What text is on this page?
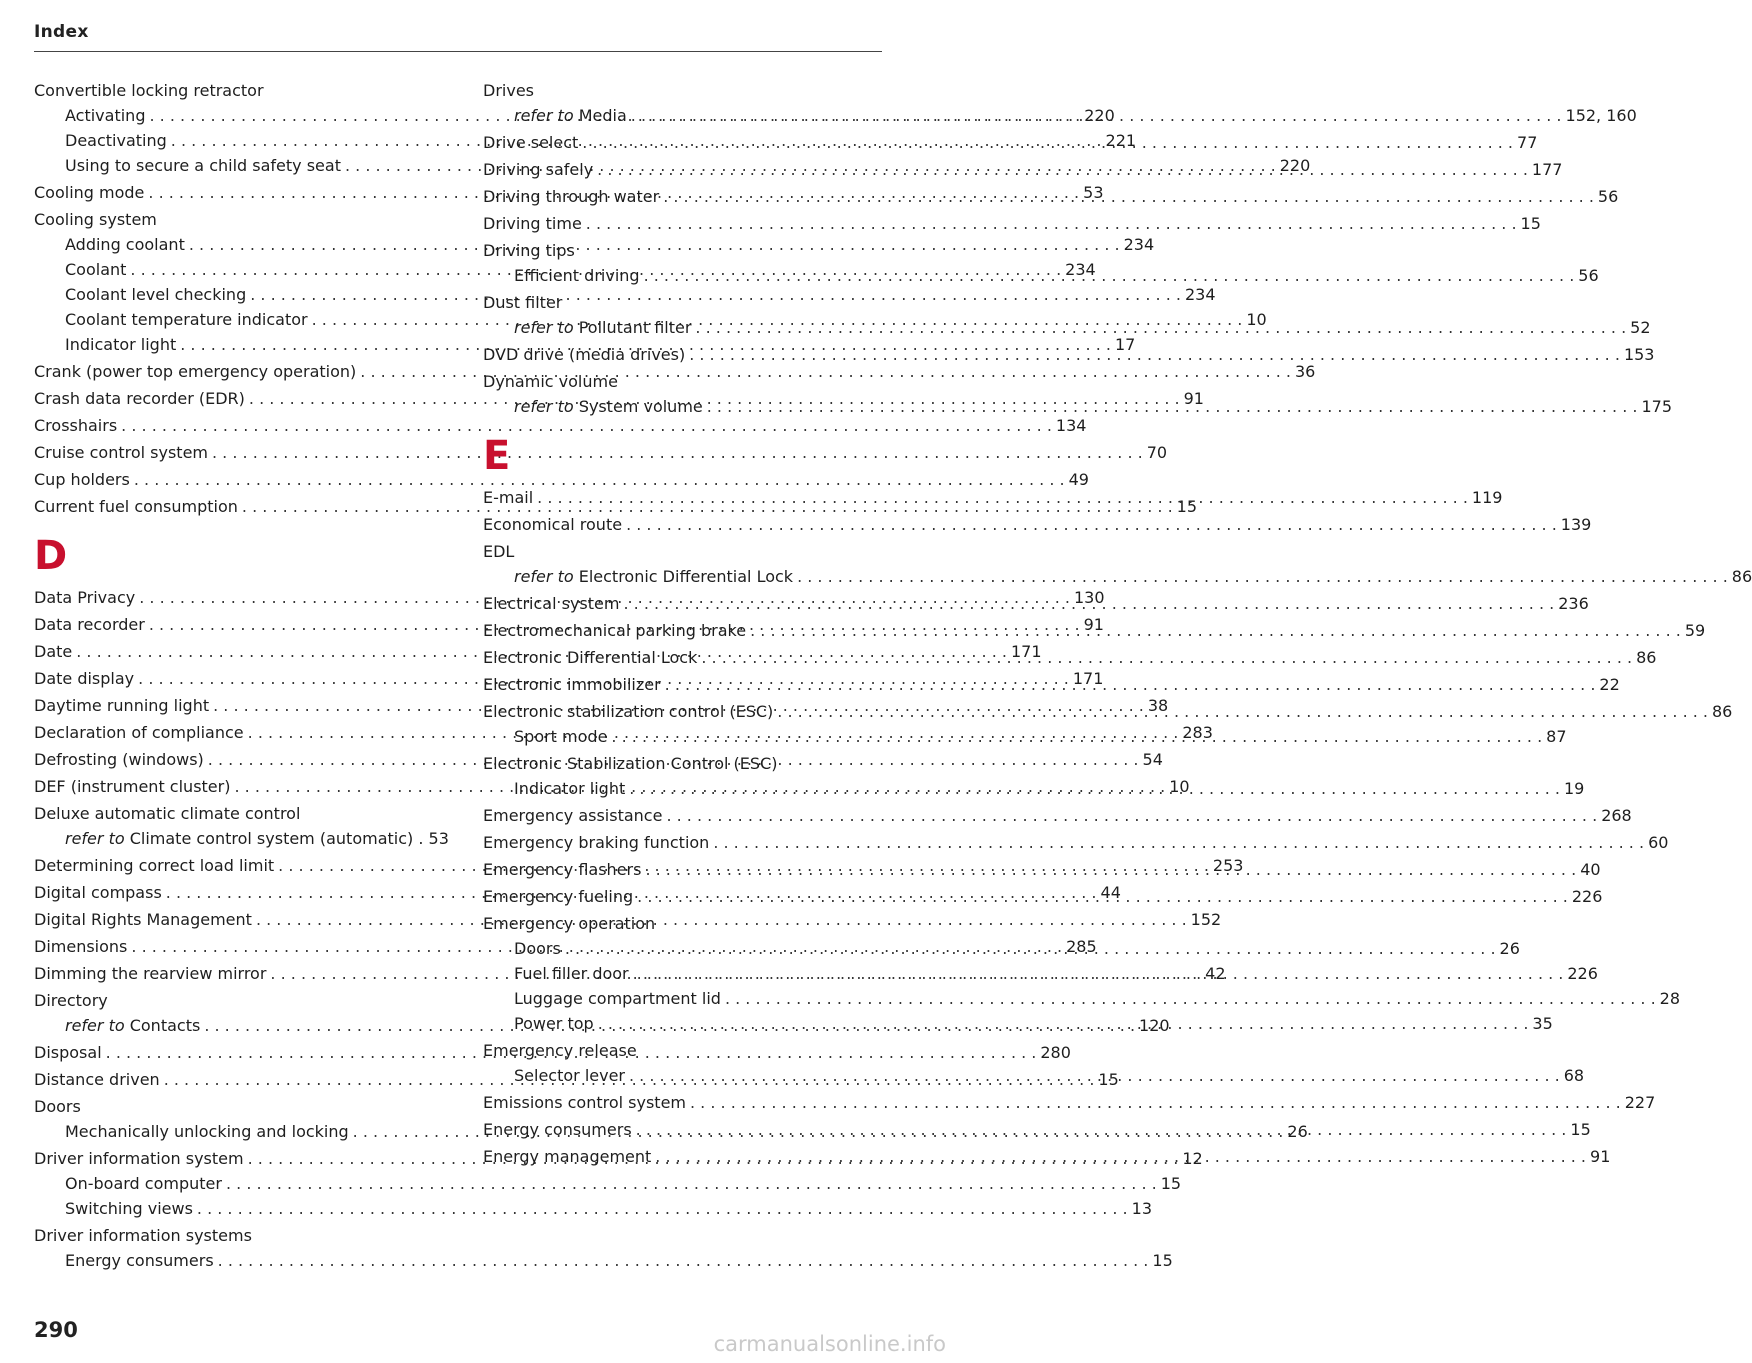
Index
Convertible locking retractor
Activating . . .	220
Deactivating . . .	221
Using to secure a child safety seat . . .	220
Cooling mode . . .	53
Cooling system
Adding coolant . . .	234
Coolant . . .	234
Coolant level checking . . .	234
Coolant temperature indicator . . .	10
Indicator light . . .	17
Crank (power top emergency operation) . . .	36
Crash data recorder (EDR) . . .	91
Crosshairs . . .	134
Cruise control system . . .	70
Cup holders . . .	49
Current fuel consumption . . .	15
D
Data Privacy . . .	130
Data recorder . . .	91
Date . . .	171
Date display . . .	171
Daytime running light . . .	38
Declaration of compliance . . .	283
Defrosting (windows) . . .	54
DEF (instrument cluster) . . .	10
Deluxe automatic climate control
refer to Climate control system (automatic) . 53
Determining correct load limit . . .	253
Digital compass . . .	44
Digital Rights Management . . .	152
Dimensions . . .	285
Dimming the rearview mirror . . .	42
Directory
refer to Contacts . . .	120
Disposal . . .	280
Distance driven . . .	15
Doors
Mechanically unlocking and locking . . .	26
Driver information system . . .	12
On-board computer . . .	15
Switching views . . .	13
Driver information systems
Energy consumers . . .	15
Drives
refer to Media . . .	152, 160
Drive select . . .	77
Driving safely . . .	177
Driving through water . . .	56
Driving time . . .	15
Driving tips
Efficient driving . . .	56
Dust filter
refer to Pollutant filter . . .	52
DVD drive (media drives) . . .	153
Dynamic volume
refer to System volume . . .	175
E
E-mail . . .	119
Economical route . . .	139
EDL
refer to Electronic Differential Lock . . .	86
Electrical system . . .	236
Electromechanical parking brake . . .	59
Electronic Differential Lock . . .	86
Electronic immobilizer . . .	22
Electronic stabilization control (ESC) . . .	86
Sport mode . . .	87
Electronic Stabilization Control (ESC)
Indicator light . . .	19
Emergency assistance . . .	268
Emergency braking function . . .	60
Emergency flashers . . .	40
Emergency fueling . . .	226
Emergency operation
Doors . . .	26
Fuel filler door . . .	226
Luggage compartment lid . . .	28
Power top . . .	35
Emergency release
Selector lever . . .	68
Emissions control system . . .	227
Energy consumers . . .	15
Energy management . . .	91
290
carmanualsonline.info
